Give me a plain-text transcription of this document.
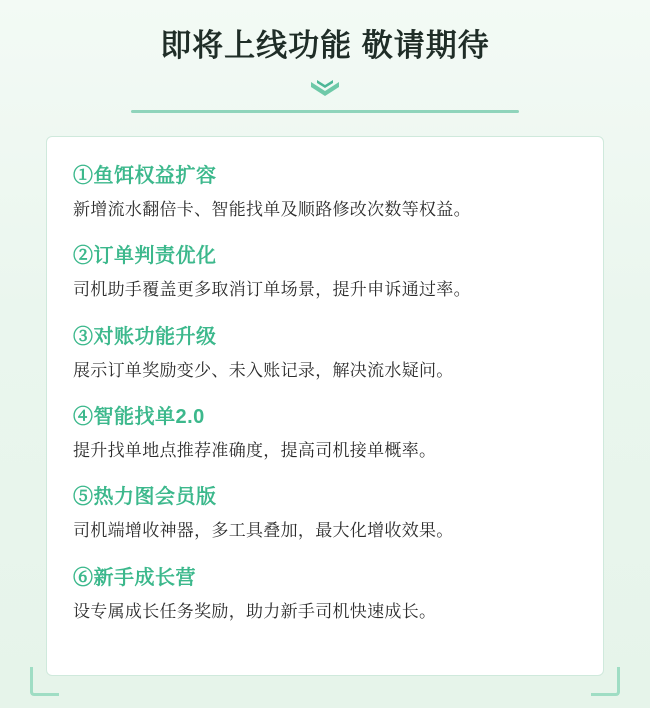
即将上线功能 敬请期待
①鱼饵权益扩容
新增流水翻倍卡、智能找单及顺路修改次数等权益。
②订单判责优化
司机助手覆盖更多取消订单场景，提升申诉通过率。
③对账功能升级
展示订单奖励变少、未入账记录，解决流水疑问。
④智能找单2.0
提升找单地点推荐准确度，提高司机接单概率。
⑤热力图会员版
司机端增收神器，多工具叠加，最大化增收效果。
⑥新手成长营
设专属成长任务奖励，助力新手司机快速成长。
